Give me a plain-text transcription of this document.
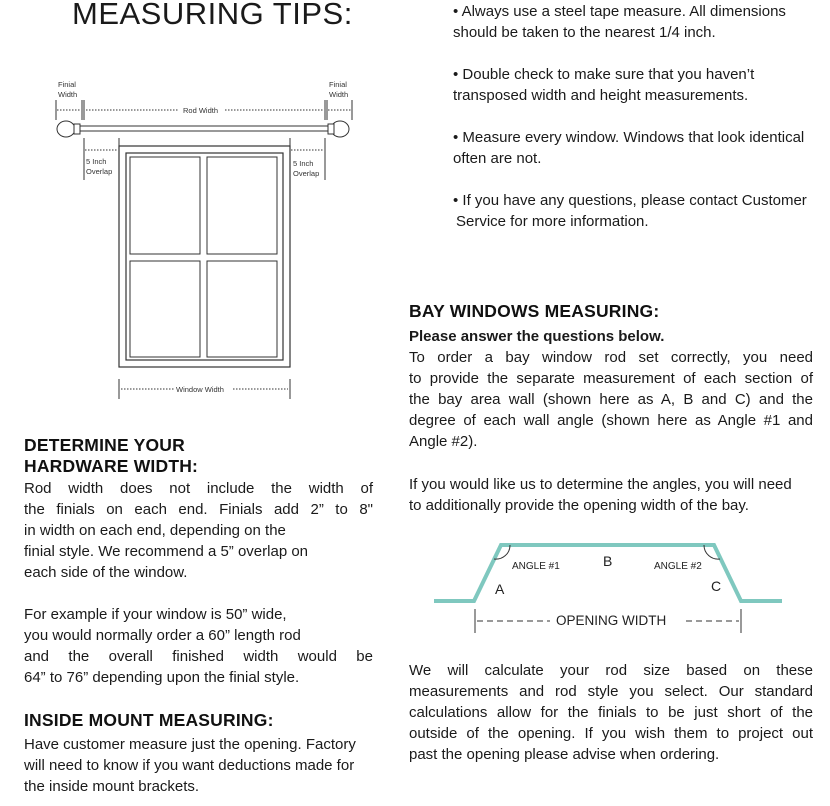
MEASURING TIPS:
Finial
Width
Finial
Width
Rod Width
5 Inch
Overlap
5 Inch
Overlap
Window Width
DETERMINE YOUR
HARDWARE WIDTH:
Rod width does not include the width of
the finials on each end. Finials add 2” to 8"
in width on each end, depending on the
finial style. We recommend a 5” overlap on
each side of the window.
For example if your window is 50” wide,
you would normally order a 60” length rod
and the overall finished width would be
64” to 76” depending upon the finial style.
INSIDE MOUNT MEASURING:
Have customer measure just the opening. Factory
will need to know if you want deductions made for
the inside mount brackets.
• Always use a steel tape measure. All dimensions
should be taken to the nearest 1/4 inch.
• Double check to make sure that you haven’t
transposed width and height measurements.
• Measure every window. Windows that look identical
often are not.
• If you have any questions, please contact Customer
Service for more information.
BAY WINDOWS MEASURING:
Please answer the questions below.
To order a bay window rod set correctly, you need
to provide the separate measurement of each section of
the bay area wall (shown here as A, B and C) and the
degree of each wall angle (shown here as Angle #1 and
Angle #2).
If you would like us to determine the angles, you will need
to additionally provide the opening width of the bay.
ANGLE #1	ANGLE #2
A
B
C
OPENING WIDTH
We will calculate your rod size based on these
measurements and rod style you select. Our standard
calculations allow for the finials to be just short of the
outside of the opening. If you wish them to project out
past the opening please advise when ordering.
